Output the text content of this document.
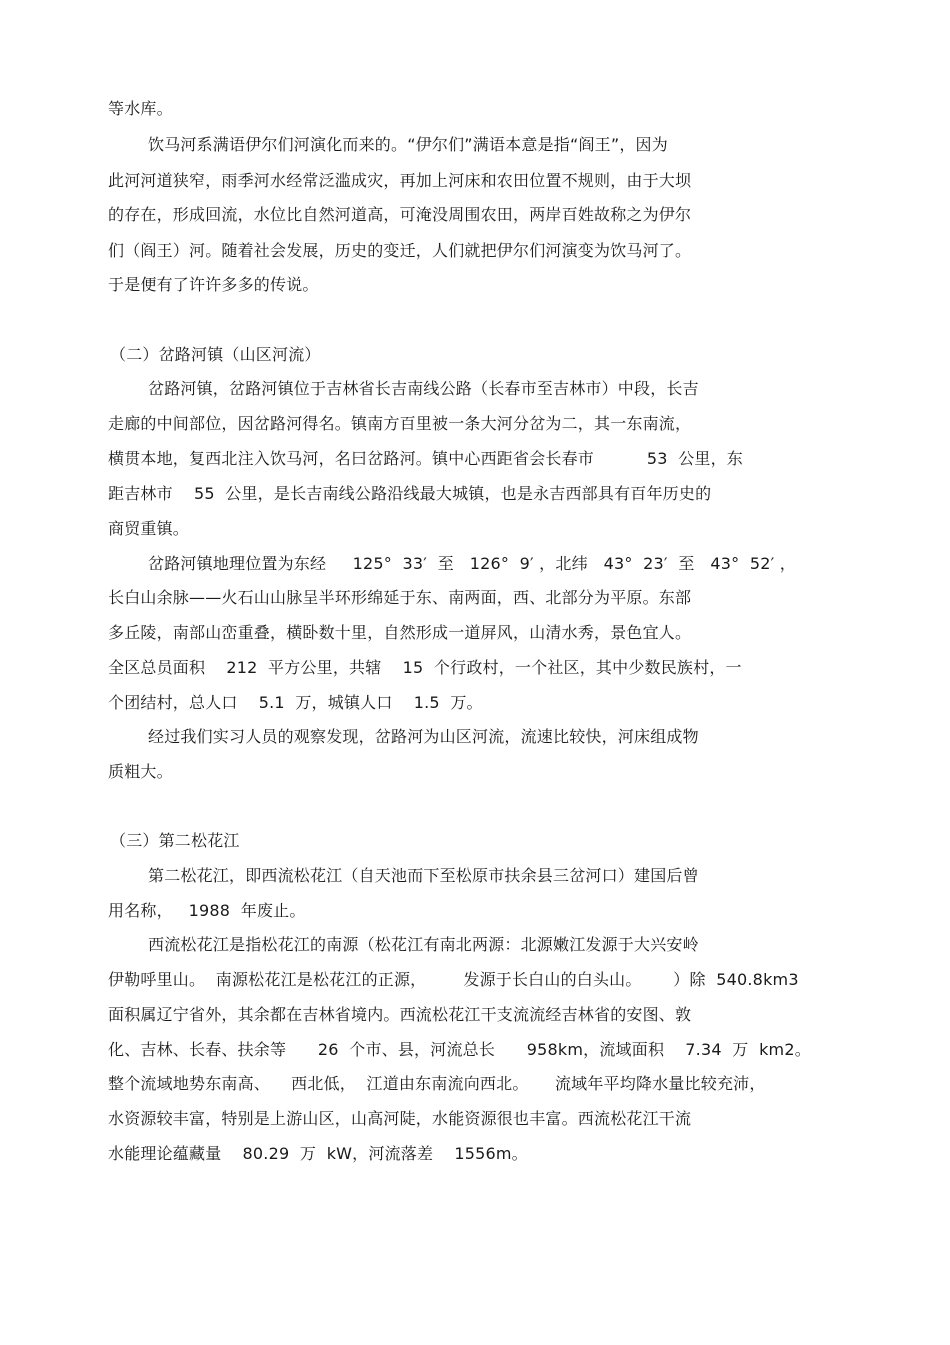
等水库。
饮马河系满语伊尔们河演化而来的。“伊尔们”满语本意是指“阎王”，因为
此河河道狭窄，雨季河水经常泛滥成灾，再加上河床和农田位置不规则，由于大坝
的存在，形成回流，水位比自然河道高，可淹没周围农田，两岸百姓故称之为伊尔
们（阎王）河。随着社会发展，历史的变迁，人们就把伊尔们河演变为饮马河了。
于是便有了许许多多的传说。
（二）岔路河镇（山区河流）
岔路河镇，岔路河镇位于吉林省长吉南线公路（长春市至吉林市）中段，长吉
走廊的中间部位，因岔路河得名。镇南方百里被一条大河分岔为二，其一东南流，
横贯本地，复西北注入饮马河，名曰岔路河。镇中心西距省会长春市          53  公里，东
距吉林市    55  公里，是长吉南线公路沿线最大城镇，也是永吉西部具有百年历史的
商贸重镇。
岔路河镇地理位置为东经     125°  33′  至   126°  9′ ，北纬   43°  23′  至   43°  52′ ，
长白山余脉——火石山山脉呈半环形绵延于东、南两面，西、北部分为平原。东部
多丘陵，南部山峦重叠，横卧数十里，自然形成一道屏风，山清水秀，景色宜人。
全区总员面积    212  平方公里，共辖    15  个行政村，一个社区，其中少数民族村，一
个团结村，总人口    5.1  万，城镇人口    1.5  万。
经过我们实习人员的观察发现，岔路河为山区河流，流速比较快，河床组成物
质粗大。
（三）第二松花江
第二松花江，即西流松花江（自天池而下至松原市扶余县三岔河口）建国后曾
用名称，   1988  年废止。
西流松花江是指松花江的南源（松花江有南北两源：北源嫩江发源于大兴安岭
伊勒呼里山。  南源松花江是松花江的正源，       发源于长白山的白头山。      ）除  540.8km3
面积属辽宁省外，其余都在吉林省境内。西流松花江干支流流经吉林省的安图、敦
化、吉林、长春、扶余等      26  个市、县，河流总长      958km，流域面积    7.34  万  km2。
整个流域地势东南高、    西北低，  江道由东南流向西北。     流域年平均降水量比较充沛，
水资源较丰富，特别是上游山区，山高河陡，水能资源很也丰富。西流松花江干流
水能理论蕴藏量    80.29  万  kW，河流落差    1556m。
